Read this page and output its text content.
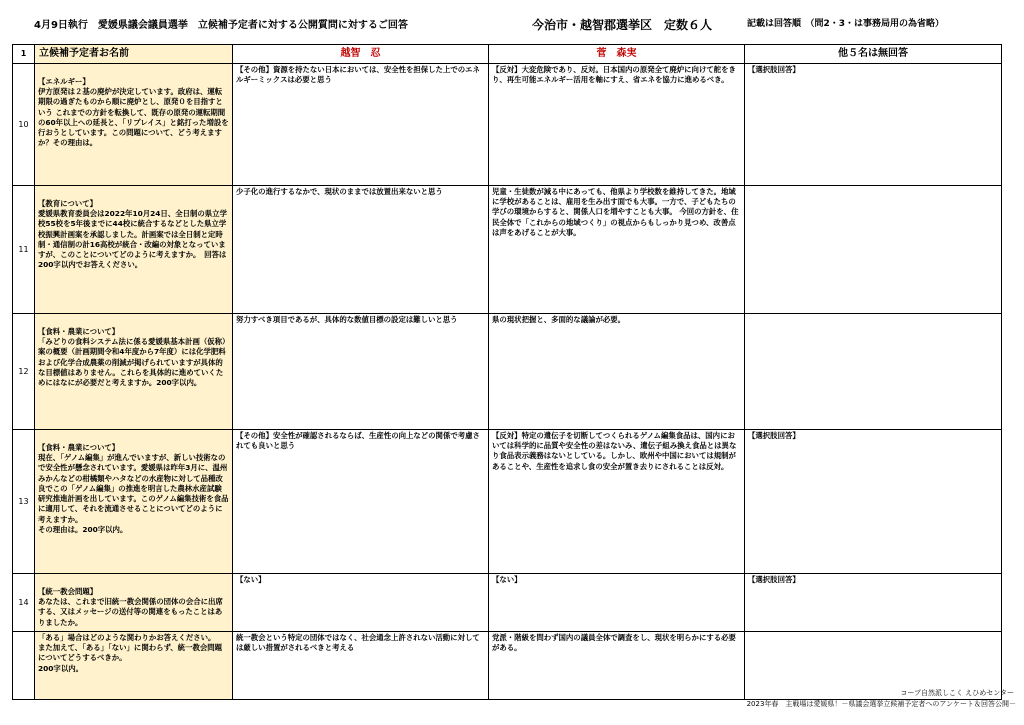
4月9日執行　愛媛県議会議員選挙　立候補予定者に対する公開質問に対するご回答	今治市・越智郡選挙区　定数６人	記載は回答順　（問2・3・は事務局用の為省略）
1	立候補予定者お名前	越智　忍	菅　森実	他５名は無回答

10	【エネルギー】
伊方原発は２基の廃炉が決定しています。政府は、運転期限の過ぎたものから順に廃炉とし、原発０を目指すという これまでの方針を転換して、既存の原発の運転期間の60年以上への延長と、「リプレイス」と銘打った増設を行おうとしています。この問題について、どう考えますか？その理由は。	【その他】資源を持たない日本においては、安全性を担保した上でのエネルギーミックスは必要と思う	【反対】大変危険であり、反対。日本国内の原発全て廃炉に向けて舵をきり、再生可能エネルギー活用を軸にすえ、省エネを協力に進めるべき。	【選択肢回答】

11	【教育について】
愛媛県教育委員会は2022年10月24日、全日制の県立学校55校を5年後までに44校に統合するなどとした県立学校振興計画案を承認しました。計画案では全日制と定時制・通信制の計16高校が統合・改編の対象となっていますが、このことについてどのように考えますか。　回答は200字以内でお答えください。	少子化の進行するなかで、現状のままでは放置出来ないと思う	児童・生徒数が減る中にあっても、他県より学校数を維持してきた。地域に学校があることは、雇用を生み出す面でも大事。一方で、子どもたちの学びの環境からすると、関係人口を増やすことも大事。 今回の方針を、住民全体で「これからの地域つくり」の視点からもしっかり見つめ、改善点は声をあげることが大事。	

12	【食料・農業について】
「みどりの食料システム法に係る愛媛県基本計画（仮称）案の概要（計画期間令和4年度から7年度）には化学肥料および化学合成農薬の削減が掲げられていますが具体的な目標値はありません。これらを具体的に進めていくためにはなにが必要だと考えますか。200字以内。	努力すべき項目であるが、具体的な数値目標の設定は難しいと思う	県の現状把握と、多面的な議論が必要。	

13	【食料・農業について】
現在、「ゲノム編集」が進んでいますが、新しい技術なので安全性が懸念されています。愛媛県は昨年3月に、温州みかんなどの柑橘類やハタなどの水産物に対して品種改良でこの「ゲノム編集」の推進を明言した農林水産試験研究推進計画を出しています。このゲノム編集技術を食品に適用して、それを流通させることについてどのように考えますか。
その理由は。200字以内。	【その他】安全性が確認されるならば、生産性の向上などの関係で考慮されても良いと思う	【反対】特定の遺伝子を切断してつくられるゲノム編集食品は、国内においては科学的に品質や安全性の差はないみ、遺伝子組み換え食品とは異なり食品表示義務はないとしている。しかし、欧州や中国においては規制があることや、生産性を追求し食の安全が置き去りにされることは反対。	【選択肢回答】

14	【統一教会問題】
あなたは、これまで旧統一教会関係の団体の会合に出席する、又はメッセージの送付等の関連をもったことはありましたか。	【ない】	【ない】	【選択肢回答】

	「ある」場合はどのような関わりかお答えください。
また加えて、「ある」「ない」に関わらず、統一教会問題についてどうするべきか。
200字以内。	統一教会という特定の団体ではなく、社会通念上許されない活動に対しては厳しい措置がされるべきと考える	党派・階級を問わず国内の議員全体で調査をし、現状を明らかにする必要がある。	

コープ自然派しこく えひめセンター
2023年春　主戦場は愛媛県！－県議会選挙立候補予定者へのアンケート＆回答公開－
